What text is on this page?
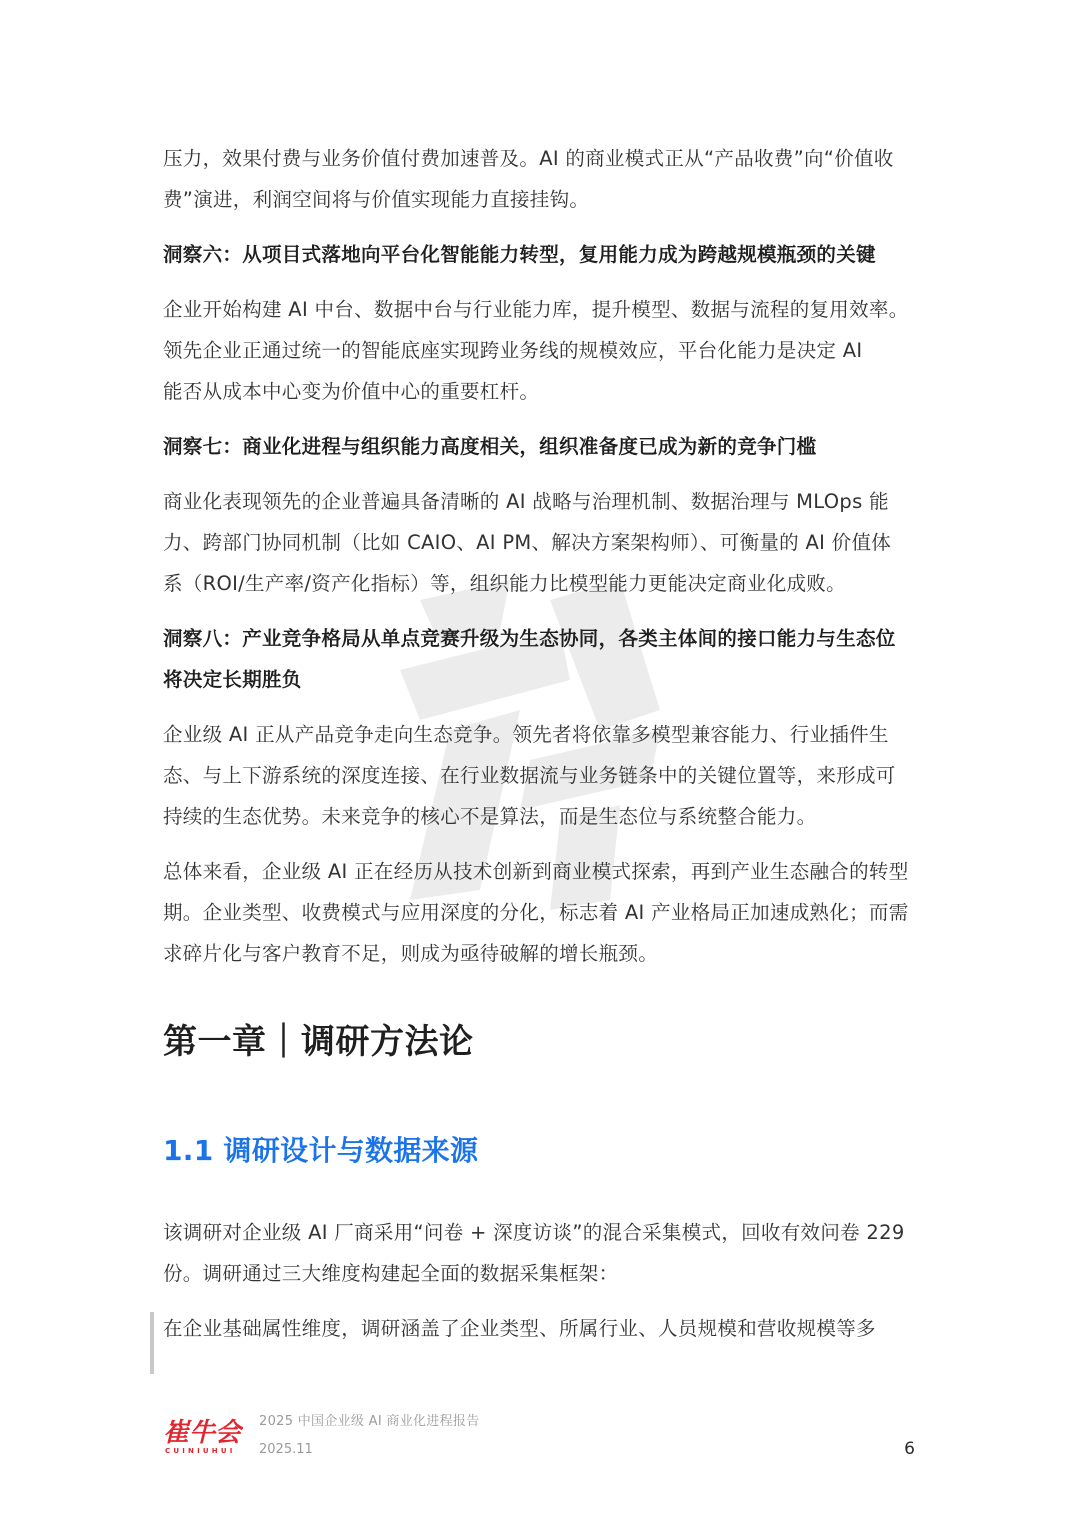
压力，效果付费与业务价值付费加速普及。AI 的商业模式正从“产品收费”向“价值收
费”演进，利润空间将与价值实现能力直接挂钩。

洞察六：从项目式落地向平台化智能能力转型，复用能力成为跨越规模瓶颈的关键

企业开始构建 AI 中台、数据中台与行业能力库，提升模型、数据与流程的复用效率。
领先企业正通过统一的智能底座实现跨业务线的规模效应，平台化能力是决定 AI
能否从成本中心变为价值中心的重要杠杆。

洞察七：商业化进程与组织能力高度相关，组织准备度已成为新的竞争门槛

商业化表现领先的企业普遍具备清晰的 AI 战略与治理机制、数据治理与 MLOps 能
力、跨部门协同机制（比如 CAIO、AI PM、解决方案架构师）、可衡量的 AI 价值体
系（ROI/生产率/资产化指标）等，组织能力比模型能力更能决定商业化成败。

洞察八：产业竞争格局从单点竞赛升级为生态协同，各类主体间的接口能力与生态位
将决定长期胜负

企业级 AI 正从产品竞争走向生态竞争。领先者将依靠多模型兼容能力、行业插件生
态、与上下游系统的深度连接、在行业数据流与业务链条中的关键位置等，来形成可
持续的生态优势。未来竞争的核心不是算法，而是生态位与系统整合能力。

总体来看，企业级 AI 正在经历从技术创新到商业模式探索，再到产业生态融合的转型
期。企业类型、收费模式与应用深度的分化，标志着 AI 产业格局正加速成熟化；而需
求碎片化与客户教育不足，则成为亟待破解的增长瓶颈。

第一章｜调研方法论
1.1 调研设计与数据来源

该调研对企业级 AI 厂商采用“问卷 + 深度访谈”的混合采集模式，回收有效问卷 229
份。调研通过三大维度构建起全面的数据采集框架：

在企业基础属性维度，调研涵盖了企业类型、所属行业、人员规模和营收规模等多

崔牛会
CUINIUHUI
2025 中国企业级 AI 商业化进程报告
2025.11	6
